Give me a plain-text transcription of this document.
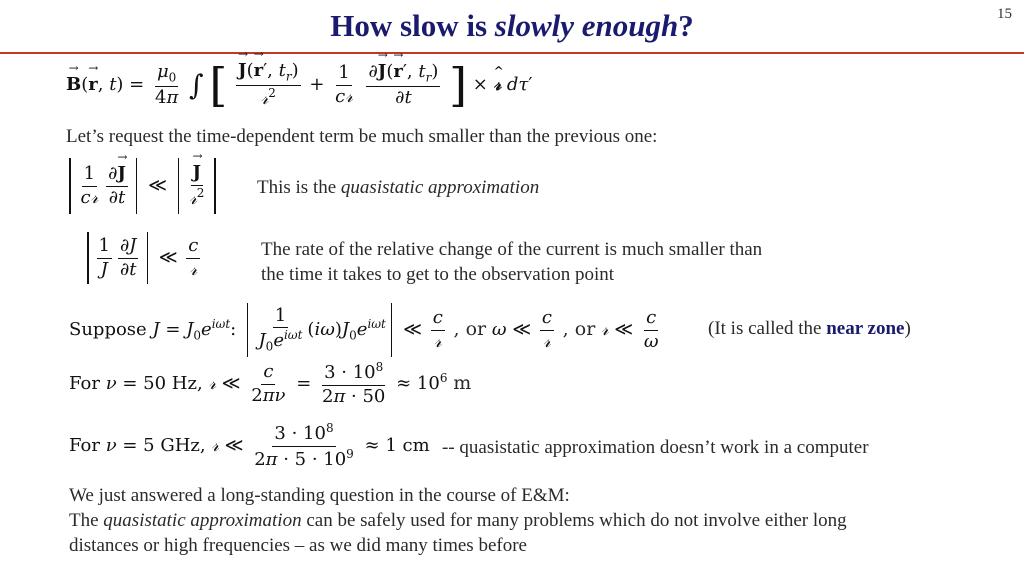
How slow is slowly enough?	15
→ B(→ r, $t) = \frac{\mu_0}{4\pi}$ ∫ [ → $\frac{J(\to r', t_r)}{𝓇^2} + \frac{1}{\text{c𝓇}}$
$\frac{\partial\to J(\to r', t_r)}{\partial t}$ ] × ^ 𝓇 dτ′
Let’s request the time-dependent term be much smaller than the previous one:
$\frac{1}{\text{c𝓇}} \frac{\partial\to J}{\partial t}$ ≪ → $\frac{J}{𝓇^2}$	This is the quasistatic approximation
$\frac{1}{J} \frac{\partial J}{\partial t}$ ≪ $\frac{c}{\text{𝓇}}$	The rate of the relative change of the current is much smaller than
the time it takes to get to the observation point
Suppose $J = J_0e^{i\omega t}$: $\frac{1}{J_0e^{i\omega t}} (i\omega)J_0e^{i\omega t}$ ≪ $\frac{c}{\text{𝓇}}$ , or ω ≪ $\frac{c}{\text{𝓇}}$ , or 𝓇 ≪ $\frac{c}{\omega} (It$ is called the near zone)
For ν = 50 Hz, 𝓇 ≪ $\frac{c}{2\pi\nu} = \frac{3 \cdot 10^8}{2\pi \cdot 50} \approx 10^6$ m
For ν = 5 GHz, 𝓇 ≪ $\frac{3 \cdot 10^8}{2\pi \cdot 5 \cdot 10^9} \approx 1$ cm -- quasistatic approximation doesn’t work in a computer
We just answered a long-standing question in the course of E&M:
The quasistatic approximation can be safely used for many problems which do not involve either long
distances or high frequencies – as we did many times before
